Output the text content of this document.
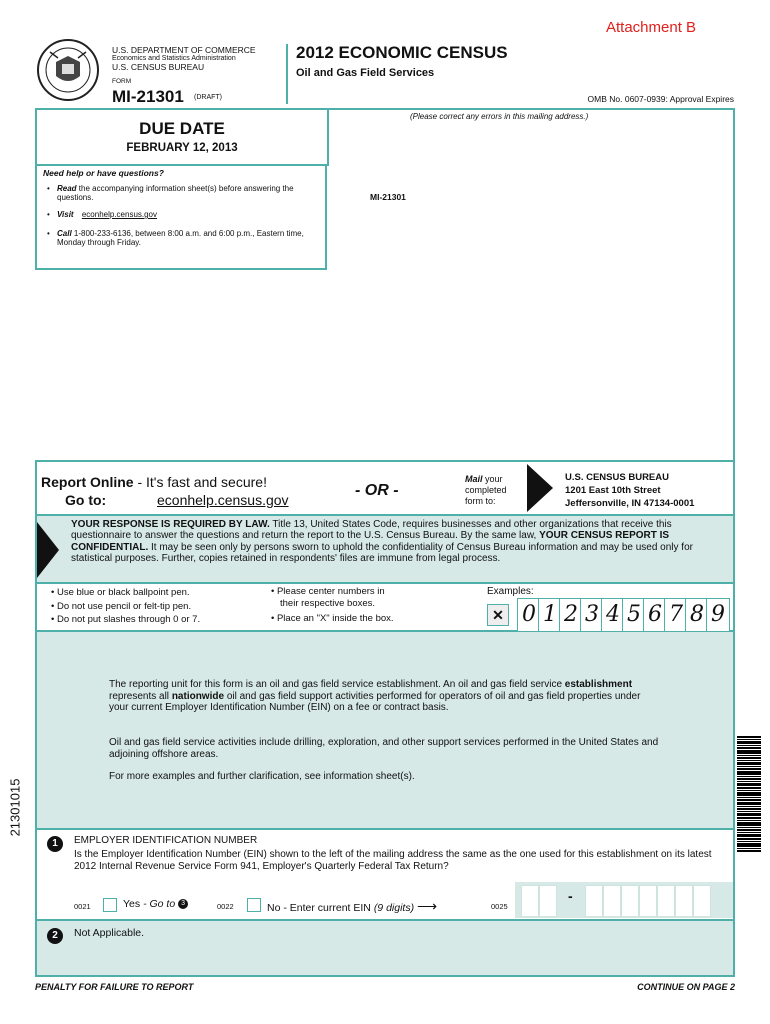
Attachment B
U.S. DEPARTMENT OF COMMERCE
Economics and Statistics Administration
U.S. CENSUS BUREAU
FORM
MI-21301 (DRAFT)
2012 ECONOMIC CENSUS
Oil and Gas Field Services
OMB No. 0607-0939: Approval Expires
DUE DATE
FEBRUARY 12, 2013
Need help or have questions?
• Read the accompanying information sheet(s) before answering the questions.
• Visit econhelp.census.gov
• Call 1-800-233-6136, between 8:00 a.m. and 6:00 p.m., Eastern time, Monday through Friday.
(Please correct any errors in this mailing address.)
MI-21301
Report Online - It's fast and secure!
Go to:	econhelp.census.gov
- OR -
Mail your
completed
form to:
U.S. CENSUS BUREAU
1201 East 10th Street
Jeffersonville, IN 47134-0001
YOUR RESPONSE IS REQUIRED BY LAW. Title 13, United States Code, requires businesses and other organizations that receive this questionnaire to answer the questions and return the report to the U.S. Census Bureau. By the same law, YOUR CENSUS REPORT IS CONFIDENTIAL. It may be seen only by persons sworn to uphold the confidentiality of Census Bureau information and may be used only for statistical purposes. Further, copies retained in respondents' files are immune from legal process.
• Use blue or black ballpoint pen.
• Do not use pencil or felt-tip pen.
• Do not put slashes through 0 or 7.
• Please center numbers in
their respective boxes.
• Place an "X" inside the box.
Examples:
✕ 0 1 2 3 4 5 6 7 8 9
The reporting unit for this form is an oil and gas field service establishment. An oil and gas field service establishment represents all nationwide oil and gas field support activities performed for operators of oil and gas field properties under your current Employer Identification Number (EIN) on a fee or contract basis.
Oil and gas field service activities include drilling, exploration, and other support services performed in the United States and adjoining offshore areas.
For more examples and further clarification, see information sheet(s).
21301015
1	EMPLOYER IDENTIFICATION NUMBER
Is the Employer Identification Number (EIN) shown to the left of the mailing address the same as the one used for this establishment on its latest 2012 Internal Revenue Service Form 941, Employer's Quarterly Federal Tax Return?
0021	Yes - Go to 3	0022	No - Enter current EIN (9 digits) ⟶	0025
-
2	Not Applicable.
PENALTY FOR FAILURE TO REPORT	CONTINUE ON PAGE 2
